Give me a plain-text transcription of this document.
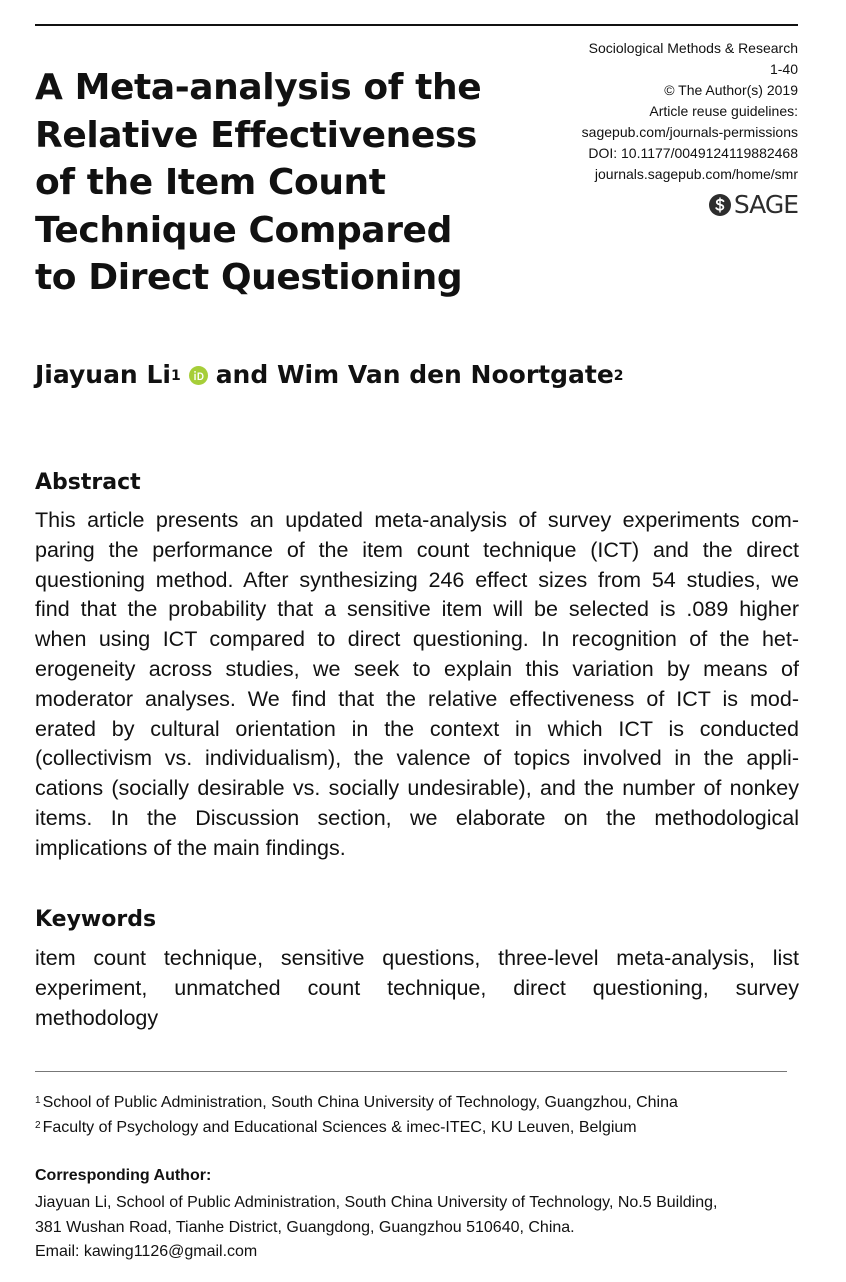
A Meta-analysis of the
Relative Effectiveness
of the Item Count
Technique Compared
to Direct Questioning
Sociological Methods & Research
1-40
© The Author(s) 2019
Article reuse guidelines:
sagepub.com/journals-permissions
DOI: 10.1177/0049124119882468
journals.sagepub.com/home/smr
SAGE
Jiayuan Li$^1$ and Wim Van den Noortgate$^2$
Abstract

This article presents an updated meta-analysis of survey experiments com-
paring the performance of the item count technique (ICT) and the direct
questioning method. After synthesizing 246 effect sizes from 54 studies, we
find that the probability that a sensitive item will be selected is .089 higher
when using ICT compared to direct questioning. In recognition of the het-
erogeneity across studies, we seek to explain this variation by means of
moderator analyses. We find that the relative effectiveness of ICT is mod-
erated by cultural orientation in the context in which ICT is conducted
(collectivism vs. individualism), the valence of topics involved in the appli-
cations (socially desirable vs. socially undesirable), and the number of nonkey
items. In the Discussion section, we elaborate on the methodological
implications of the main findings.

Keywords

item count technique, sensitive questions, three-level meta-analysis, list
experiment, unmatched count technique, direct questioning, survey
methodology

$^1$ School of Public Administration, South China University of Technology, Guangzhou, China
$^2$ Faculty of Psychology and Educational Sciences & imec-ITEC, KU Leuven, Belgium
Corresponding Author:
Jiayuan Li, School of Public Administration, South China University of Technology, No.5 Building,
381 Wushan Road, Tianhe District, Guangdong, Guangzhou 510640, China.
Email: kawing1126@gmail.com
